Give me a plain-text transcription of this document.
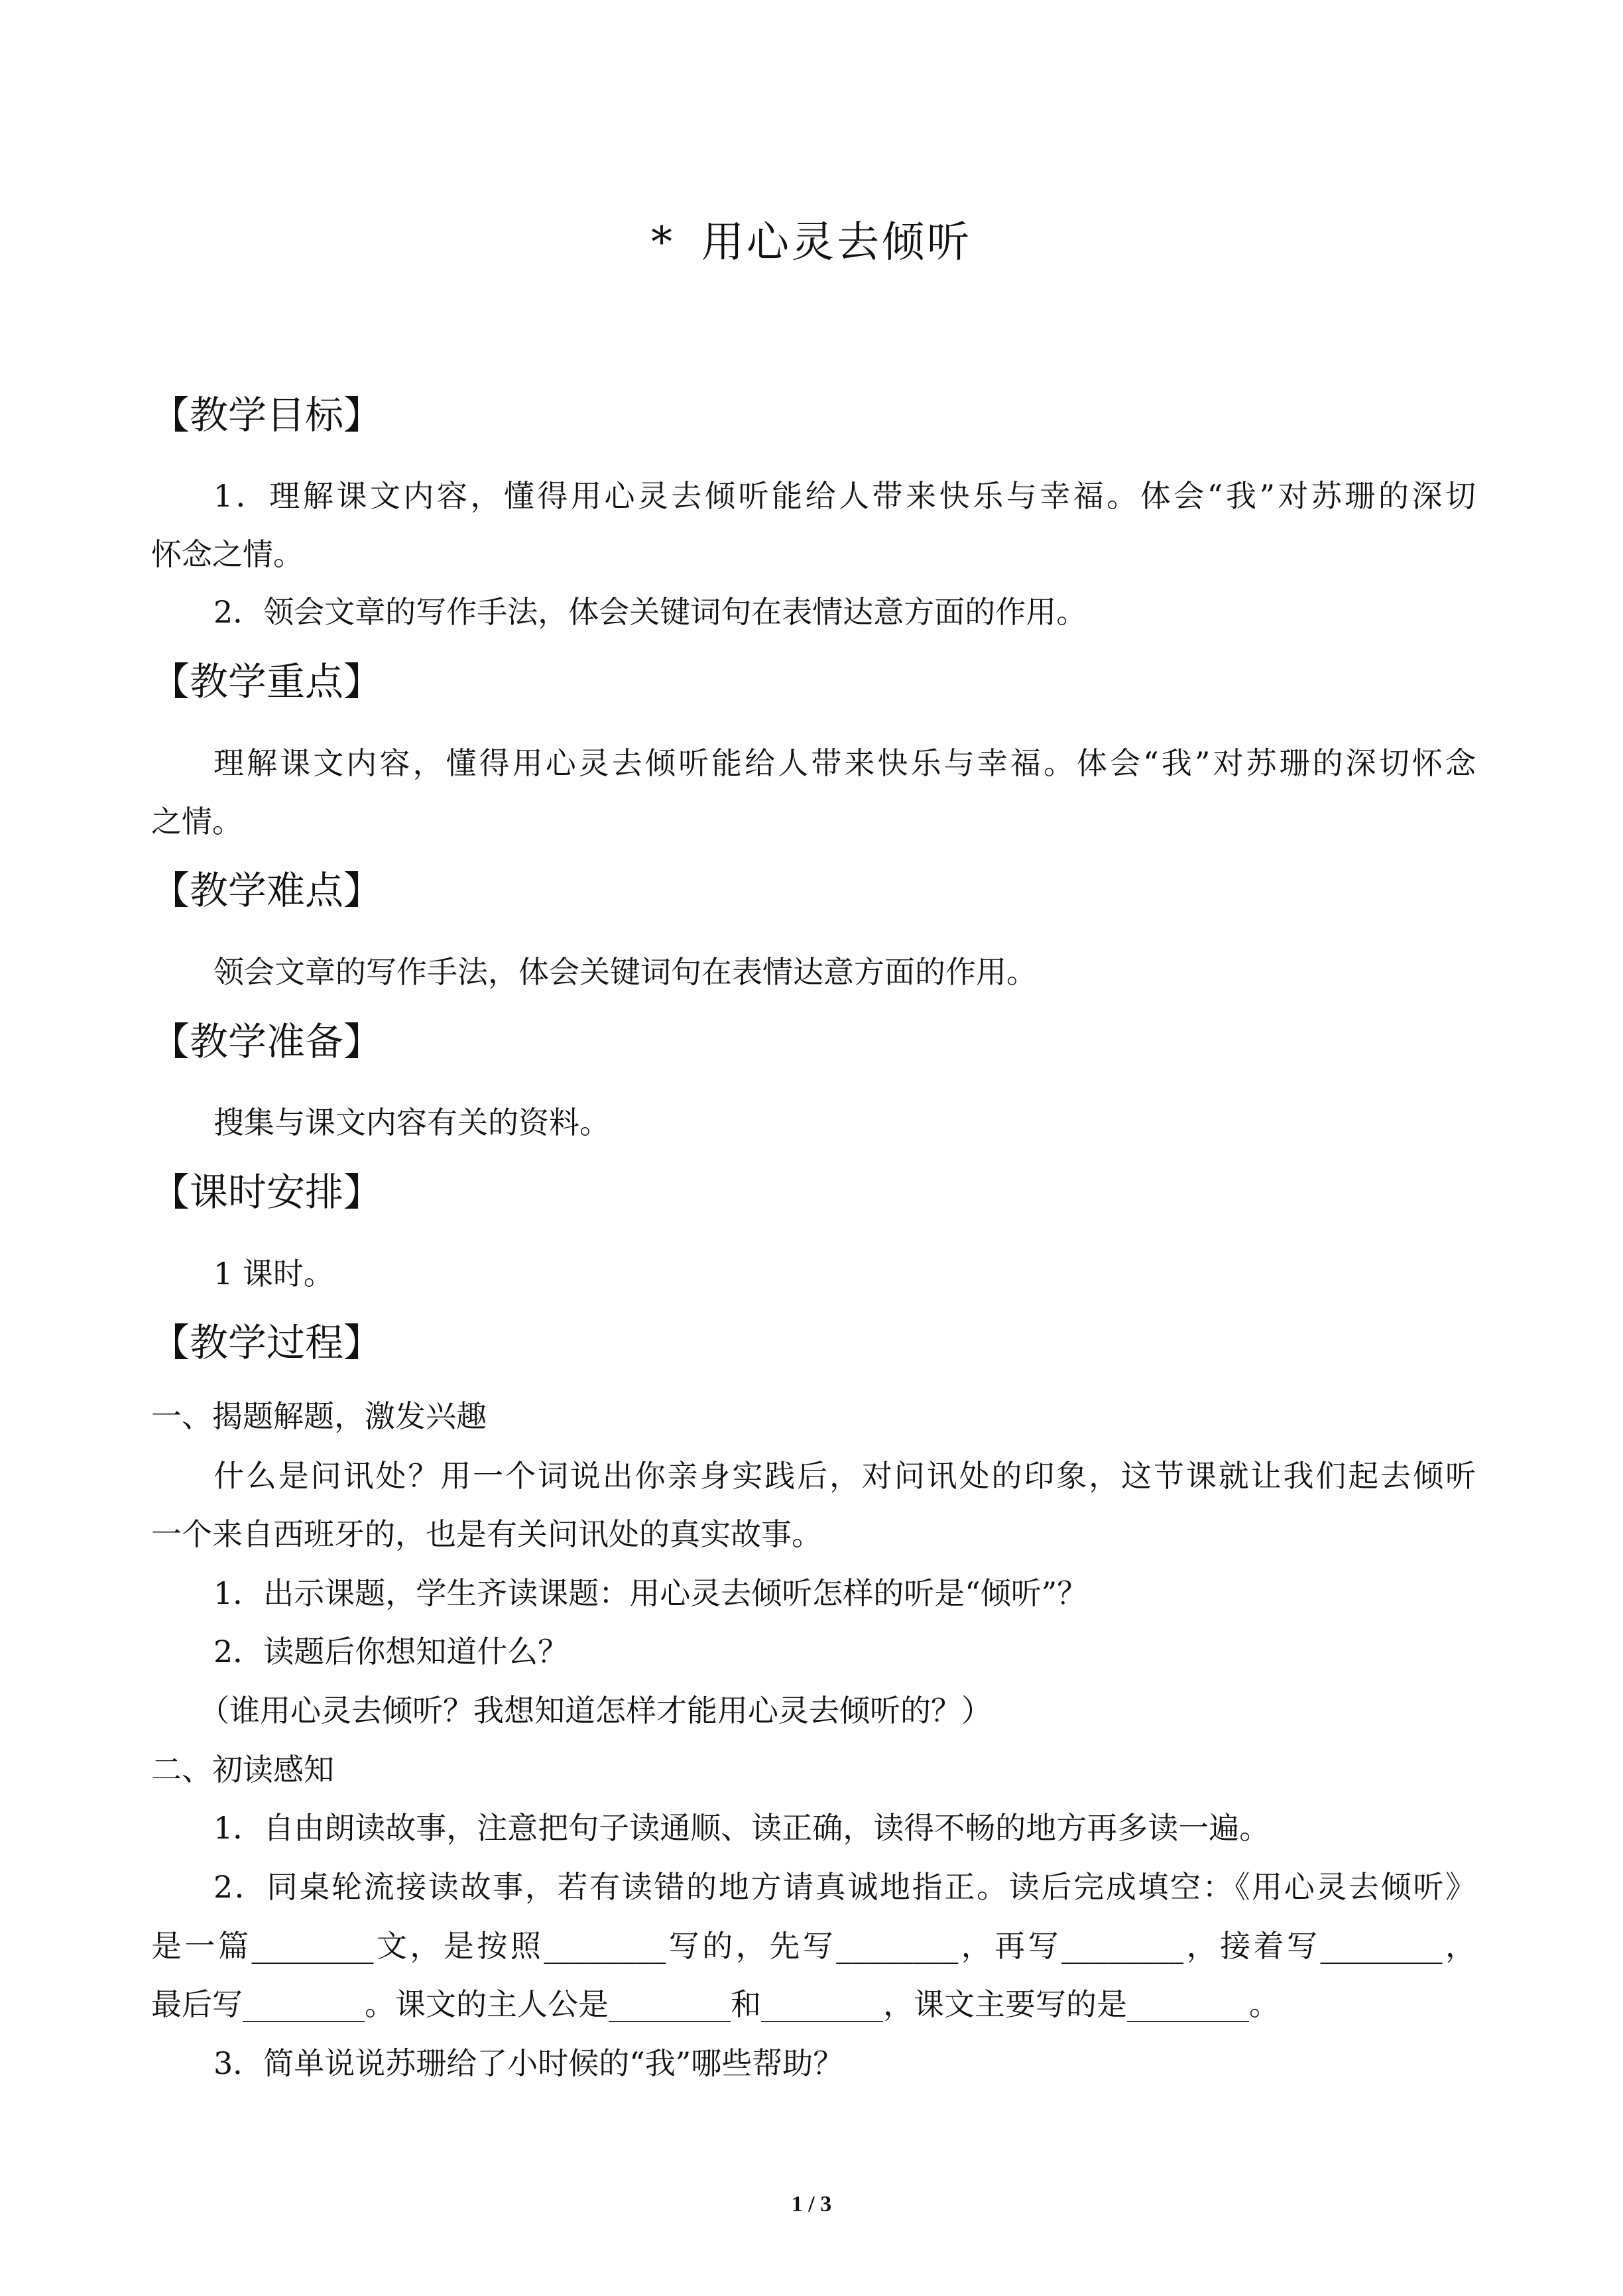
* 用心灵去倾听
【教学目标】
1．理解课文内容，懂得用心灵去倾听能给人带来快乐与幸福。体会“我”对苏珊的深切
怀念之情。
2．领会文章的写作手法，体会关键词句在表情达意方面的作用。
【教学重点】
理解课文内容，懂得用心灵去倾听能给人带来快乐与幸福。体会“我”对苏珊的深切怀念
之情。
【教学难点】
领会文章的写作手法，体会关键词句在表情达意方面的作用。
【教学准备】
搜集与课文内容有关的资料。
【课时安排】
1 课时。
【教学过程】
一、揭题解题，激发兴趣
什么是问讯处？用一个词说出你亲身实践后，对问讯处的印象，这节课就让我们起去倾听
一个来自西班牙的，也是有关问讯处的真实故事。
1．出示课题，学生齐读课题：用心灵去倾听怎样的听是“倾听”？
2．读题后你想知道什么？
（谁用心灵去倾听？我想知道怎样才能用心灵去倾听的？）
二、初读感知
1．自由朗读故事，注意把句子读通顺、读正确，读得不畅的地方再多读一遍。
2．同桌轮流接读故事，若有读错的地方请真诚地指正。读后完成填空：《用心灵去倾听》
是一篇________文，是按照________写的，先写________，再写________，接着写________，
最后写________。课文的主人公是________和________，课文主要写的是________。
3．简单说说苏珊给了小时候的“我”哪些帮助？
1 / 3
